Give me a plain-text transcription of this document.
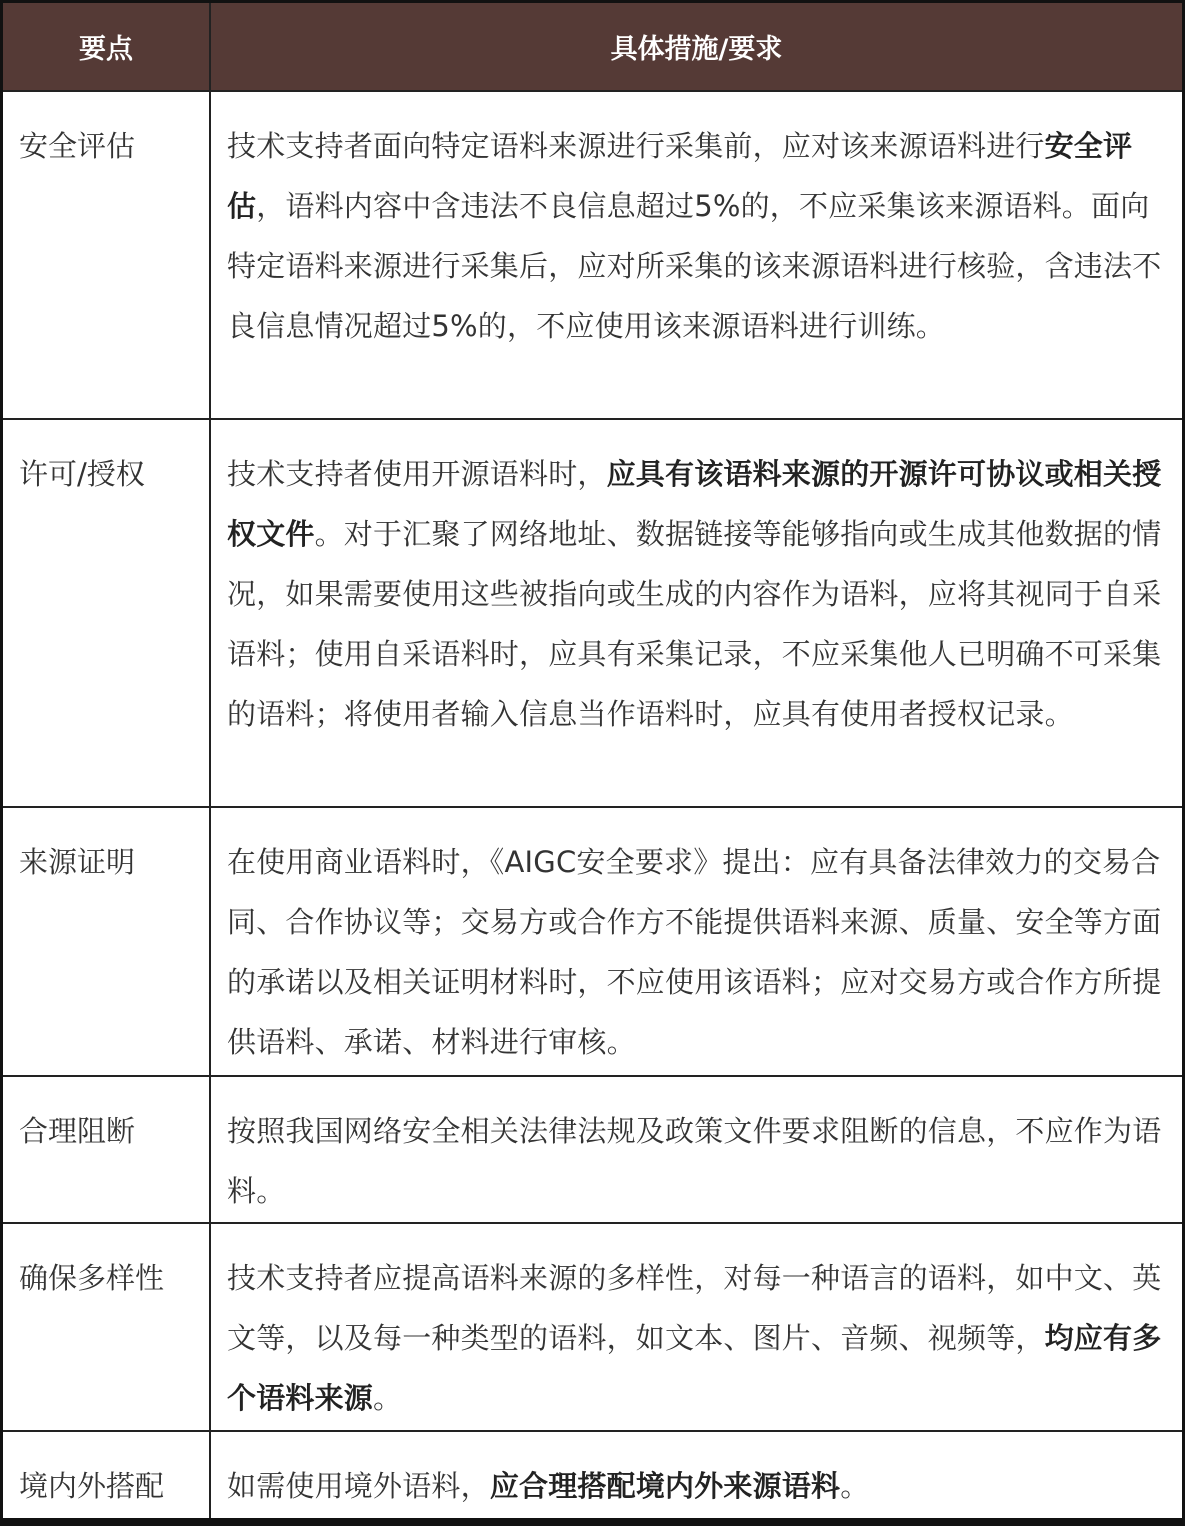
要点	具体措施/要求
安全评估	技术支持者面向特定语料来源进行采集前，应对该来源语料进行安全评估，语料内容中含违法不良信息超过5%的，不应采集该来源语料。面向特定语料来源进行采集后，应对所采集的该来源语料进行核验，含违法不良信息情况超过5%的，不应使用该来源语料进行训练。
许可/授权	技术支持者使用开源语料时，应具有该语料来源的开源许可协议或相关授权文件。对于汇聚了网络地址、数据链接等能够指向或生成其他数据的情况，如果需要使用这些被指向或生成的内容作为语料，应将其视同于自采语料；使用自采语料时，应具有采集记录，不应采集他人已明确不可采集的语料；将使用者输入信息当作语料时，应具有使用者授权记录。
来源证明	在使用商业语料时，《AIGC安全要求》提出：应有具备法律效力的交易合同、合作协议等；交易方或合作方不能提供语料来源、质量、安全等方面的承诺以及相关证明材料时，不应使用该语料；应对交易方或合作方所提供语料、承诺、材料进行审核。
合理阻断	按照我国网络安全相关法律法规及政策文件要求阻断的信息，不应作为语料。
确保多样性	技术支持者应提高语料来源的多样性，对每一种语言的语料，如中文、英文等，以及每一种类型的语料，如文本、图片、音频、视频等，均应有多个语料来源。
境内外搭配	如需使用境外语料，应合理搭配境内外来源语料。
